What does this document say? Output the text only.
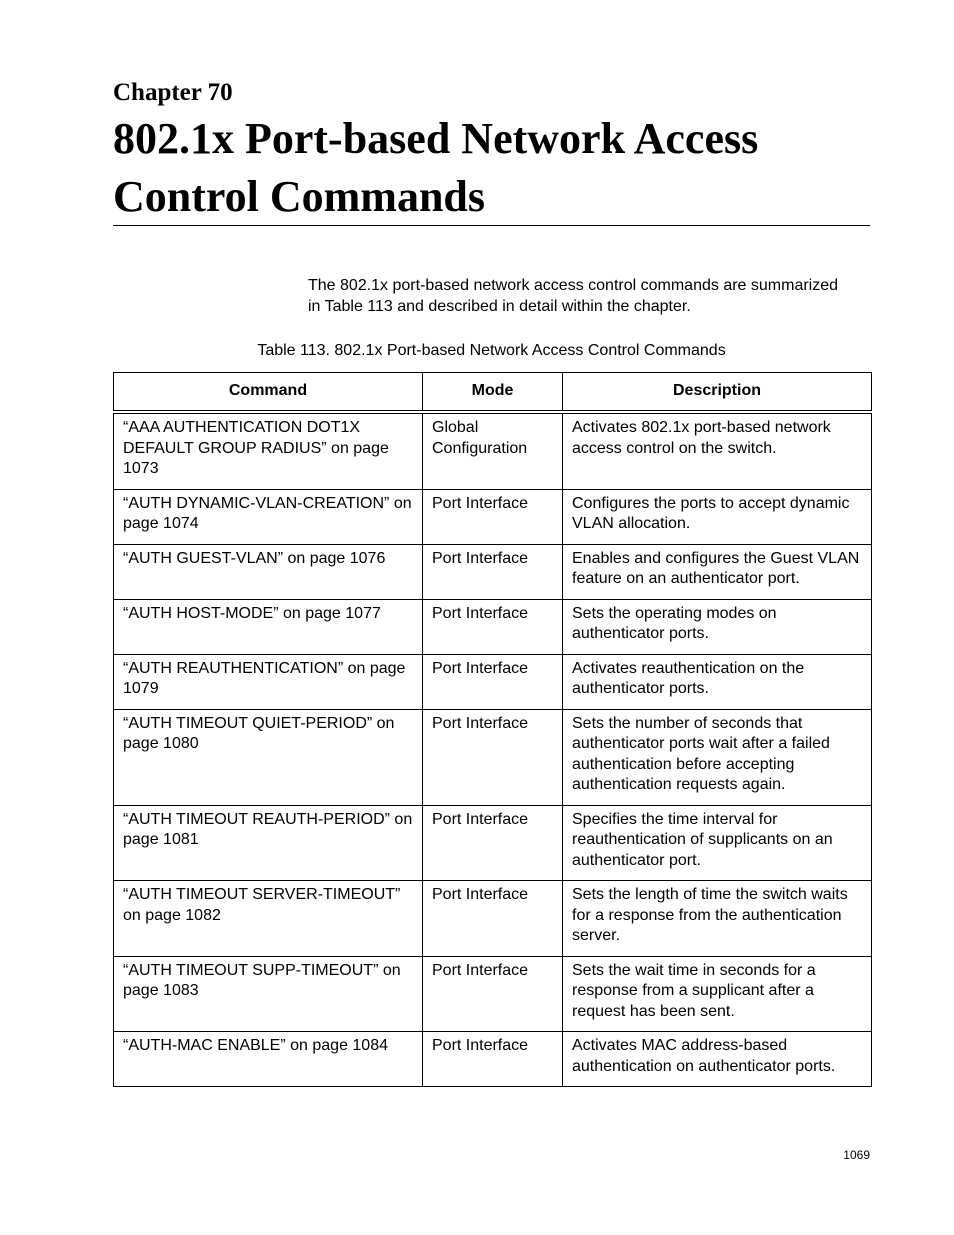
Chapter 70
802.1x Port-based Network Access Control Commands

The 802.1x port-based network access control commands are summarized in Table 113 and described in detail within the chapter.

Table 113. 802.1x Port-based Network Access Control Commands
Command	Mode	Description
“AAA AUTHENTICATION DOT1X DEFAULT GROUP RADIUS” on page 1073	Global Configuration	Activates 802.1x port-based network access control on the switch.
“AUTH DYNAMIC-VLAN-CREATION” on page 1074	Port Interface	Configures the ports to accept dynamic VLAN allocation.
“AUTH GUEST-VLAN” on page 1076	Port Interface	Enables and configures the Guest VLAN feature on an authenticator port.
“AUTH HOST-MODE” on page 1077	Port Interface	Sets the operating modes on authenticator ports.
“AUTH REAUTHENTICATION” on page 1079	Port Interface	Activates reauthentication on the authenticator ports.
“AUTH TIMEOUT QUIET-PERIOD” on page 1080	Port Interface	Sets the number of seconds that authenticator ports wait after a failed authentication before accepting authentication requests again.
“AUTH TIMEOUT REAUTH-PERIOD” on page 1081	Port Interface	Specifies the time interval for reauthentication of supplicants on an authenticator port.
“AUTH TIMEOUT SERVER-TIMEOUT” on page 1082	Port Interface	Sets the length of time the switch waits for a response from the authentication server.
“AUTH TIMEOUT SUPP-TIMEOUT” on page 1083	Port Interface	Sets the wait time in seconds for a response from a supplicant after a request has been sent.
“AUTH-MAC ENABLE” on page 1084	Port Interface	Activates MAC address-based authentication on authenticator ports.
1069
